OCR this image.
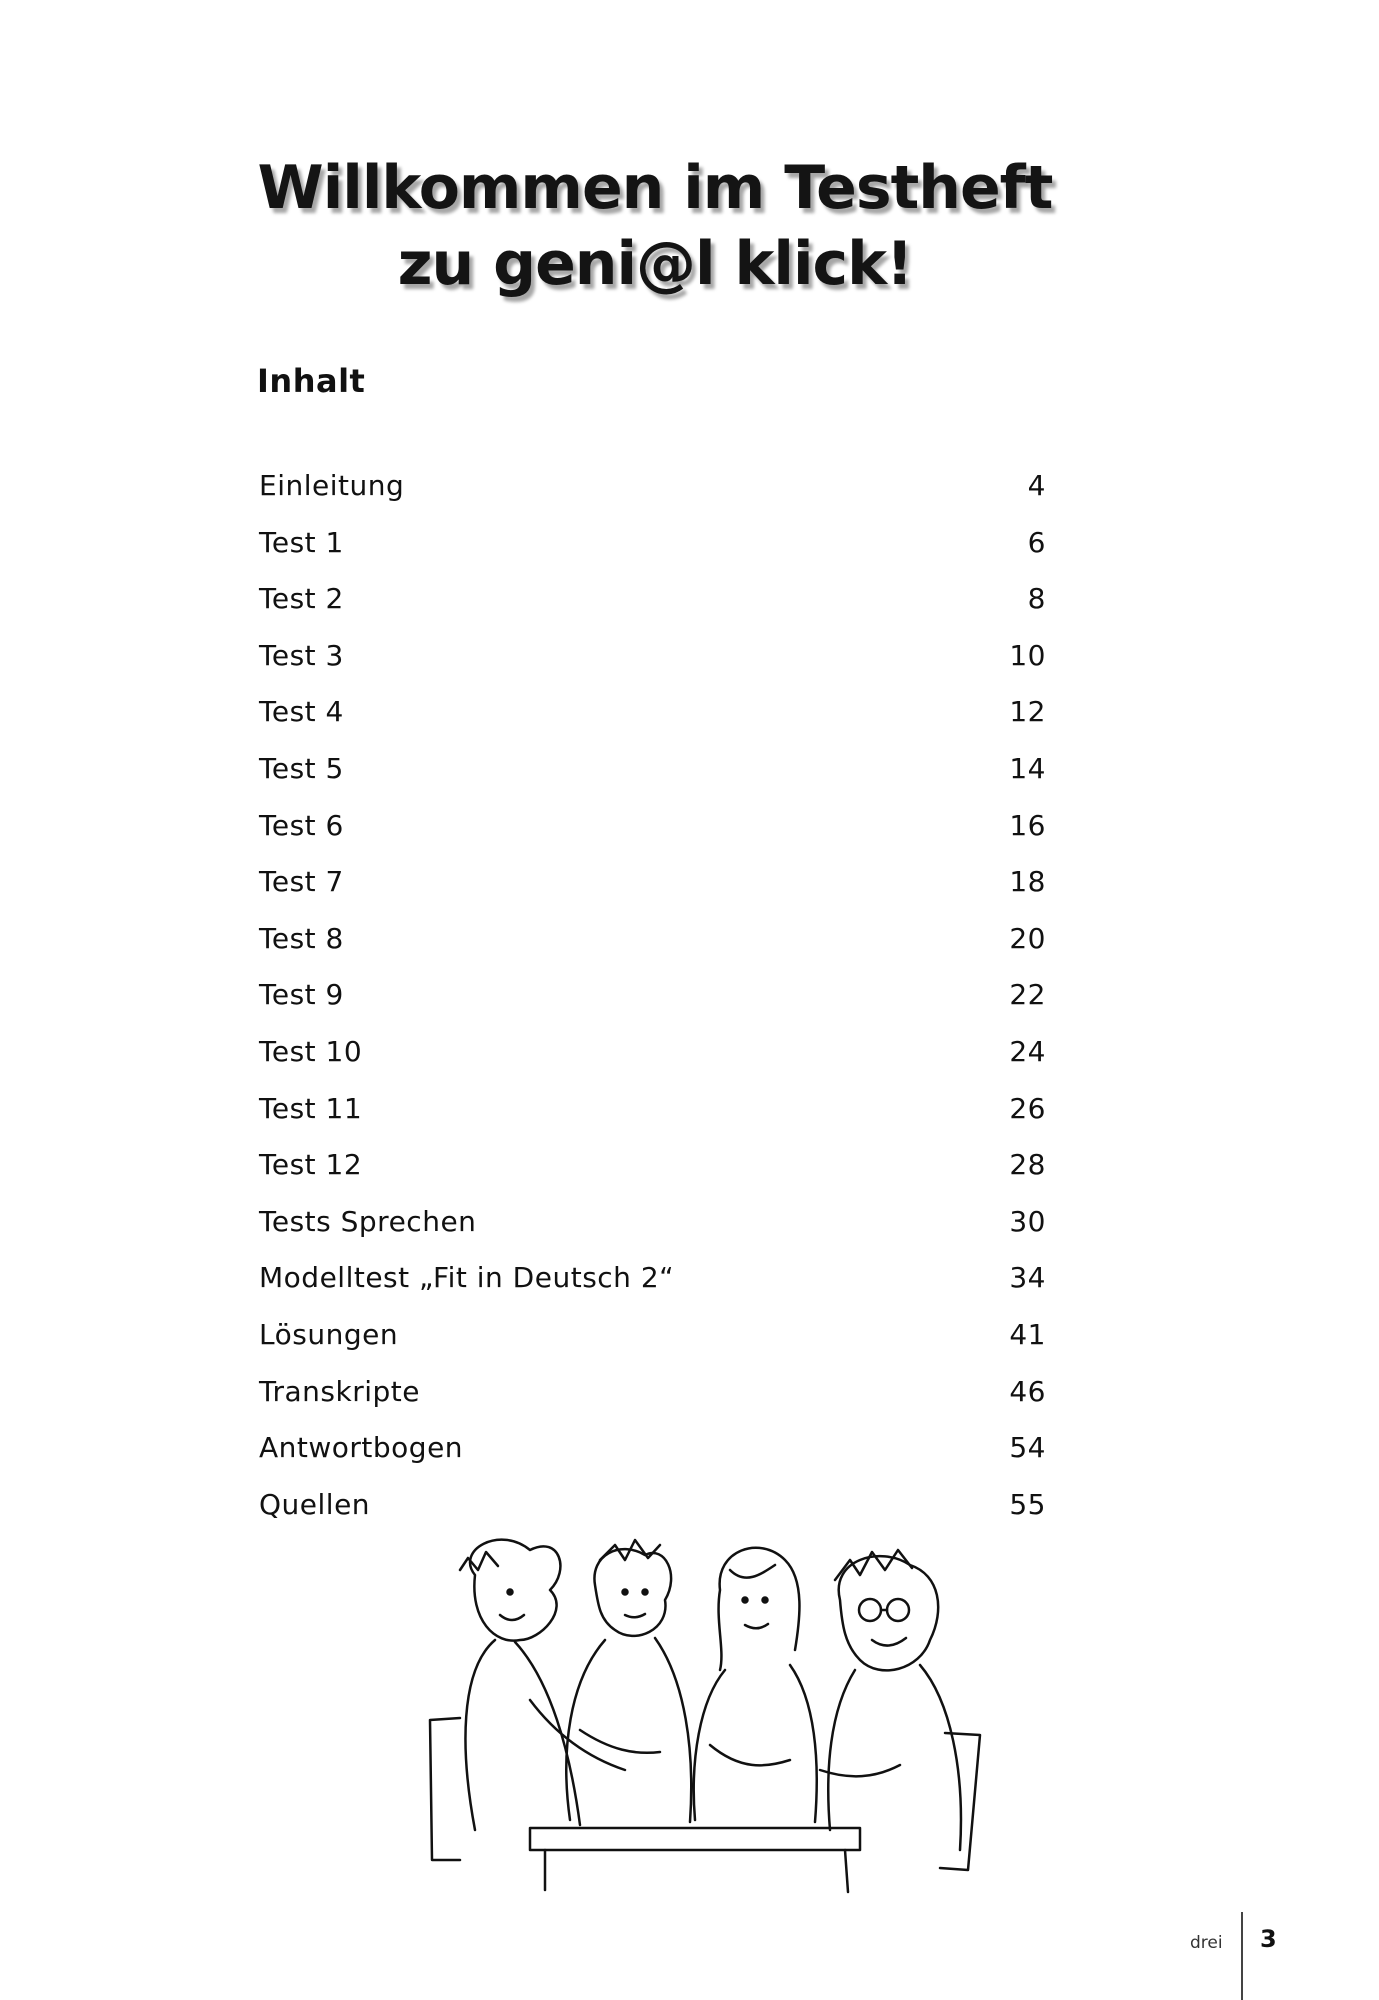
Willkommen im Testheft
zu geni@l klick!
Inhalt
Einleitung	4
Test 1	6
Test 2	8
Test 3	10
Test 4	12
Test 5	14
Test 6	16
Test 7	18
Test 8	20
Test 9	22
Test 10	24
Test 11	26
Test 12	28
Tests Sprechen	30
Modelltest „Fit in Deutsch 2“	34
Lösungen	41
Transkripte	46
Antwortbogen	54
Quellen	55
drei 3
